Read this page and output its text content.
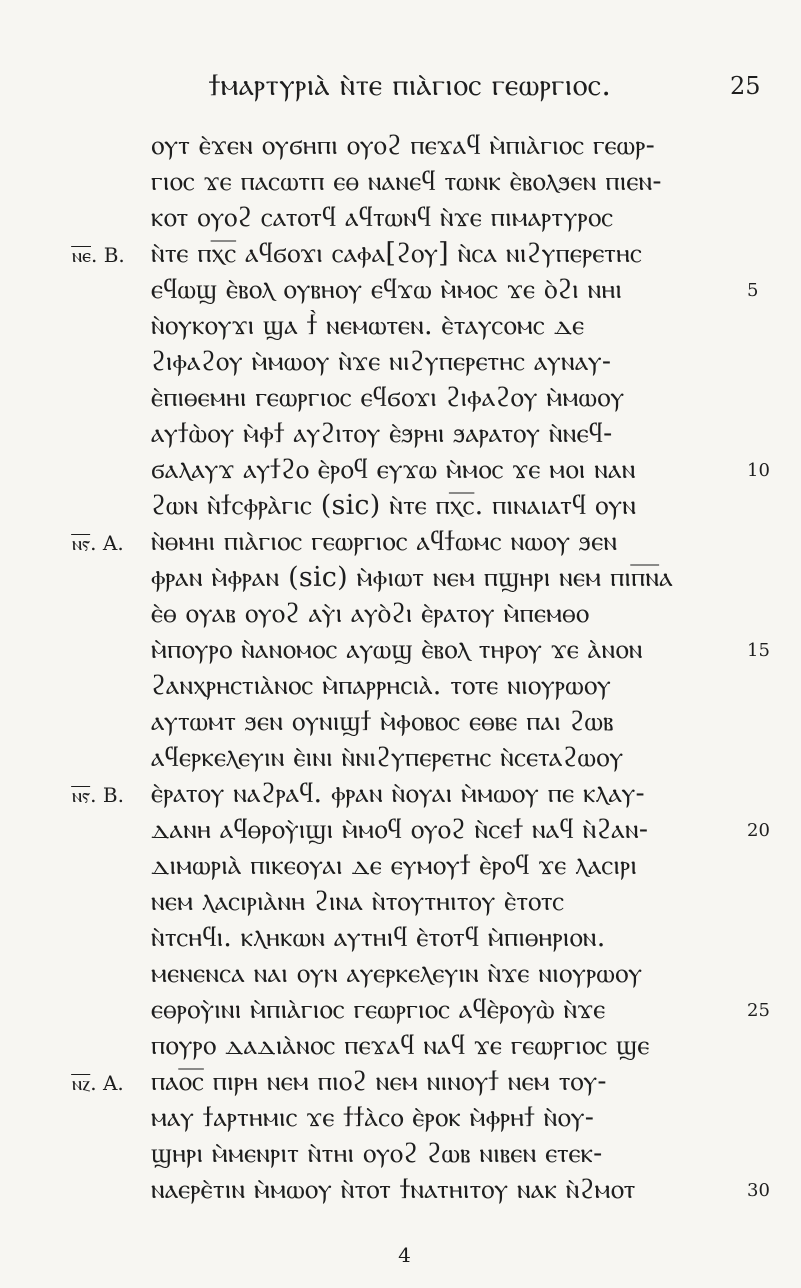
ϯⲙⲁⲣⲧⲩⲣⲓⲁ̀ ⲛ̀ⲧⲉ ⲡⲓⲁ̀ⲅⲓⲟⲥ ⲅⲉⲱⲣⲅⲓⲟⲥ.	25
ⲟⲩⲧ ⲉ̀ϫⲉⲛ ⲟⲩϭⲏⲡⲓ ⲟⲩⲟϩ ⲡⲉϫⲁϥ ⲙ̀ⲡⲓⲁ̀ⲅⲓⲟⲥ ⲅⲉⲱⲣ-
ⲅⲓⲟⲥ ϫⲉ ⲡⲁⲥⲱⲧⲡ ⲉⲑ ⲛⲁⲛⲉϥ ⲧⲱⲛⲕ ⲉ̀ⲃⲟⲗϧⲉⲛ ⲡⲓⲉⲛ-
ⲕⲟⲧ ⲟⲩⲟϩ ⲥⲁⲧⲟⲧϥ ⲁϥⲧⲱⲛϥ ⲛ̀ϫⲉ ⲡⲓⲙⲁⲣⲧⲩⲣⲟⲥ
ⲛ̅ⲉ̅. B. ⲛ̀ⲧⲉ ⲡⲭ̅ⲥ̅ ⲁϥϭⲟϫⲓ ⲥⲁⲫⲁ[ϩⲟⲩ] ⲛ̀ⲥⲁ ⲛⲓϩⲩⲡⲉⲣⲉⲧⲏⲥ
ⲉϥⲱϣ ⲉ̀ⲃⲟⲗ ⲟⲩⲃⲏⲟⲩ ⲉϥϫⲱ ⲙ̀ⲙⲟⲥ ϫⲉ ⲟ̀ϩⲓ ⲛⲏⲓ	5
ⲛ̀ⲟⲩⲕⲟⲩϫⲓ ϣⲁ ϯ̀ ⲛⲉⲙⲱⲧⲉⲛ. ⲉ̀ⲧⲁⲩⲥⲟⲙⲥ ⲇⲉ
ϩⲓⲫⲁϩⲟⲩ ⲙ̀ⲙⲱⲟⲩ ⲛ̀ϫⲉ ⲛⲓϩⲩⲡⲉⲣⲉⲧⲏⲥ ⲁⲩⲛⲁⲩ-
ⲉ̀ⲡⲓⲑⲉⲙⲏⲓ ⲅⲉⲱⲣⲅⲓⲟⲥ ⲉϥϭⲟϫⲓ ϩⲓⲫⲁϩⲟⲩ ⲙ̀ⲙⲱⲟⲩ
ⲁⲩϯⲱ̀ⲟⲩ ⲙ̀ⲫϯ ⲁⲩϩⲓⲧⲟⲩ ⲉ̀ϧⲣⲏⲓ ϧⲁⲣⲁⲧⲟⲩ ⲛ̀ⲛⲉϥ-
ϭⲁⲗⲁⲩϫ ⲁⲩϯϩⲟ ⲉ̀ⲣⲟϥ ⲉⲩϫⲱ ⲙ̀ⲙⲟⲥ ϫⲉ ⲙⲟⲓ ⲛⲁⲛ	10
ϩⲱⲛ ⲛ̀ϯⲥⲫⲣⲁ̀ⲅⲓⲥ (sic) ⲛ̀ⲧⲉ ⲡⲭ̅ⲥ̅. ⲡⲓⲛⲁⲓⲁⲧϥ ⲟⲩⲛ
ⲛ̅ⲋ̅. A. ⲛ̀ⲑⲙⲏⲓ ⲡⲓⲁ̀ⲅⲓⲟⲥ ⲅⲉⲱⲣⲅⲓⲟⲥ ⲁϥϯⲱⲙⲥ ⲛⲱⲟⲩ ϧⲉⲛ
ⲫⲣⲁⲛ ⲙ̀ⲫⲣⲁⲛ (sic) ⲙ̀ⲫⲓⲱⲧ ⲛⲉⲙ ⲡϣⲏⲣⲓ ⲛⲉⲙ ⲡⲓⲡ̅ⲛ̅ⲁ
ⲉ̀ⲑ ⲟⲩⲁⲃ ⲟⲩⲟϩ ⲁⲩ̀ⲓ ⲁⲩⲟ̀ϩⲓ ⲉ̀ⲣⲁⲧⲟⲩ ⲙ̀ⲡⲉⲙⲑⲟ
ⲙ̀ⲡⲟⲩⲣⲟ ⲛ̀ⲁⲛⲟⲙⲟⲥ ⲁⲩⲱϣ ⲉ̀ⲃⲟⲗ ⲧⲏⲣⲟⲩ ϫⲉ ⲁ̀ⲛⲟⲛ	15
ϩⲁⲛⲭⲣⲏⲥⲧⲓⲁ̀ⲛⲟⲥ ⲙ̀ⲡⲁⲣⲣⲏⲥⲓⲁ̀. ⲧⲟⲧⲉ ⲛⲓⲟⲩⲣⲱⲟⲩ
ⲁⲩⲧⲱⲙⲧ ϧⲉⲛ ⲟⲩⲛⲓϣϯ ⲙ̀ⲫⲟⲃⲟⲥ ⲉⲑⲃⲉ ⲡⲁⲓ ϩⲱⲃ
ⲁϥⲉⲣⲕⲉⲗⲉⲩⲓⲛ ⲉ̀ⲓⲛⲓ ⲛ̀ⲛⲓϩⲩⲡⲉⲣⲉⲧⲏⲥ ⲛ̀ⲥⲉⲧⲁϩⲱⲟⲩ
ⲛ̅ⲋ̅. B. ⲉ̀ⲣⲁⲧⲟⲩ ⲛⲁϩⲣⲁϥ. ⲫⲣⲁⲛ ⲛ̀ⲟⲩⲁⲓ ⲙ̀ⲙⲱⲟⲩ ⲡⲉ ⲕⲗⲁⲩ-
ⲇⲁⲛⲏ ⲁϥⲑⲣⲟⲩ̀ⲓϣⲓ ⲙ̀ⲙⲟϥ ⲟⲩⲟϩ ⲛ̀ⲥⲉϯ ⲛⲁϥ ⲛ̀ϩⲁⲛ-	20
ⲇⲓⲙⲱⲣⲓⲁ̀ ⲡⲓⲕⲉⲟⲩⲁⲓ ⲇⲉ ⲉⲩⲙⲟⲩϯ ⲉ̀ⲣⲟϥ ϫⲉ ⲗⲁⲥⲓⲣⲓ
ⲛⲉⲙ ⲗⲁⲥⲓⲣⲓⲁ̀ⲛⲏ ϩⲓⲛⲁ ⲛ̀ⲧⲟⲩⲧⲏⲓⲧⲟⲩ ⲉ̀ⲧⲟⲧⲥ
ⲛ̀ⲧⲥⲏϥⲓ. ⲕⲗⲏⲕⲱⲛ ⲁⲩⲧⲏⲓϥ ⲉ̀ⲧⲟⲧϥ ⲙ̀ⲡⲓⲑⲏⲣⲓⲟⲛ.
ⲙⲉⲛⲉⲛⲥⲁ ⲛⲁⲓ ⲟⲩⲛ ⲁⲩⲉⲣⲕⲉⲗⲉⲩⲓⲛ ⲛ̀ϫⲉ ⲛⲓⲟⲩⲣⲱⲟⲩ
ⲉⲑⲣⲟⲩ̀ⲓⲛⲓ ⲙ̀ⲡⲓⲁ̀ⲅⲓⲟⲥ ⲅⲉⲱⲣⲅⲓⲟⲥ ⲁϥⲉ̀ⲣⲟⲩⲱ̀ ⲛ̀ϫⲉ	25
ⲡⲟⲩⲣⲟ ⲇⲁⲇⲓⲁ̀ⲛⲟⲥ ⲡⲉϫⲁϥ ⲛⲁϥ ϫⲉ ⲅⲉⲱⲣⲅⲓⲟⲥ ϣⲉ
ⲛ̅ⲍ̅. A. ⲡⲁⲟ̅ⲥ̅ ⲡⲓⲣⲏ ⲛⲉⲙ ⲡⲓⲟϩ ⲛⲉⲙ ⲛⲓⲛⲟⲩϯ ⲛⲉⲙ ⲧⲟⲩ-
ⲙⲁⲩ ϯⲁⲣⲧⲏⲙⲓⲥ ϫⲉ ϯϯⲁ̀ⲥⲟ ⲉ̀ⲣⲟⲕ ⲙ̀ⲫⲣⲏϯ ⲛ̀ⲟⲩ-
ϣⲏⲣⲓ ⲙ̀ⲙⲉⲛⲣⲓⲧ ⲛ̀ⲧⲏⲓ ⲟⲩⲟϩ ϩⲱⲃ ⲛⲓⲃⲉⲛ ⲉⲧⲉⲕ-
ⲛⲁⲉⲣⲉ̀ⲧⲓⲛ ⲙ̀ⲙⲱⲟⲩ ⲛ̀ⲧⲟⲧ ϯⲛⲁⲧⲏⲓⲧⲟⲩ ⲛⲁⲕ ⲛ̀ϩⲙⲟⲧ	30
4
